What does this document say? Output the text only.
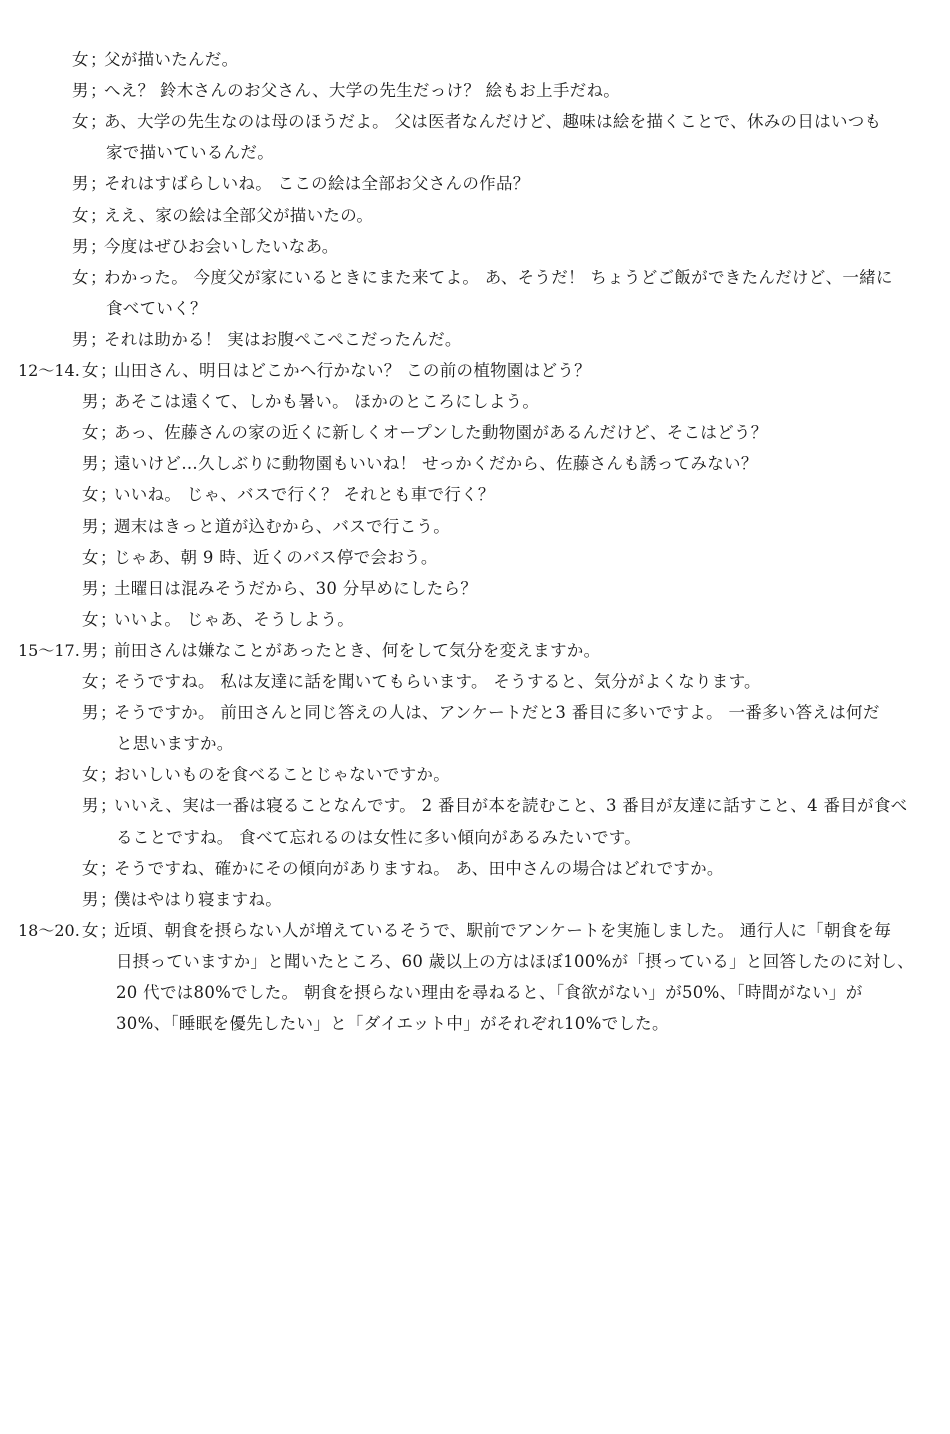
女；父が描いたんだ。
男；へえ？ 鈴木さんのお父さん、大学の先生だっけ？ 絵もお上手だね。
女；あ、大学の先生なのは母のほうだよ。 父は医者なんだけど、趣味は絵を描くことで、休みの日はいつも
家で描いているんだ。
男；それはすばらしいね。 ここの絵は全部お父さんの作品？
女；ええ、家の絵は全部父が描いたの。
男；今度はぜひお会いしたいなあ。
女；わかった。 今度父が家にいるときにまた来てよ。 あ、そうだ！ ちょうどご飯ができたんだけど、一緒に
食べていく？
男；それは助かる！ 実はお腹ぺこぺこだったんだ。
12～14. 女；山田さん、明日はどこかへ行かない？ この前の植物園はどう？
男；あそこは遠くて、しかも暑い。 ほかのところにしよう。
女；あっ、佐藤さんの家の近くに新しくオープンした動物園があるんだけど、そこはどう？
男；遠いけど…久しぶりに動物園もいいね！ せっかくだから、佐藤さんも誘ってみない？
女；いいね。 じゃ、バスで行く？ それとも車で行く？
男；週末はきっと道が込むから、バスで行こう。
女；じゃあ、朝 9 時、近くのバス停で会おう。
男；土曜日は混みそうだから、30 分早めにしたら？
女；いいよ。 じゃあ、そうしよう。
15～17. 男；前田さんは嫌なことがあったとき、何をして気分を変えますか。
女；そうですね。 私は友達に話を聞いてもらいます。 そうすると、気分がよくなります。
男；そうですか。 前田さんと同じ答えの人は、アンケートだと3 番目に多いですよ。 一番多い答えは何だ
と思いますか。
女；おいしいものを食べることじゃないですか。
男；いいえ、実は一番は寝ることなんです。 2 番目が本を読むこと、3 番目が友達に話すこと、4 番目が食べ
ることですね。 食べて忘れるのは女性に多い傾向があるみたいです。
女；そうですね、確かにその傾向がありますね。 あ、田中さんの場合はどれですか。
男；僕はやはり寝ますね。
18～20. 女；近頃、朝食を摂らない人が増えているそうで、駅前でアンケートを実施しました。 通行人に「朝食を毎
日摂っていますか」と聞いたところ、60 歳以上の方はほぼ100%が「摂っている」と回答したのに対し、
20 代では80%でした。 朝食を摂らない理由を尋ねると、「食欲がない」が50%、「時間がない」が
30%、「睡眠を優先したい」と「ダイエット中」がそれぞれ10%でした。
